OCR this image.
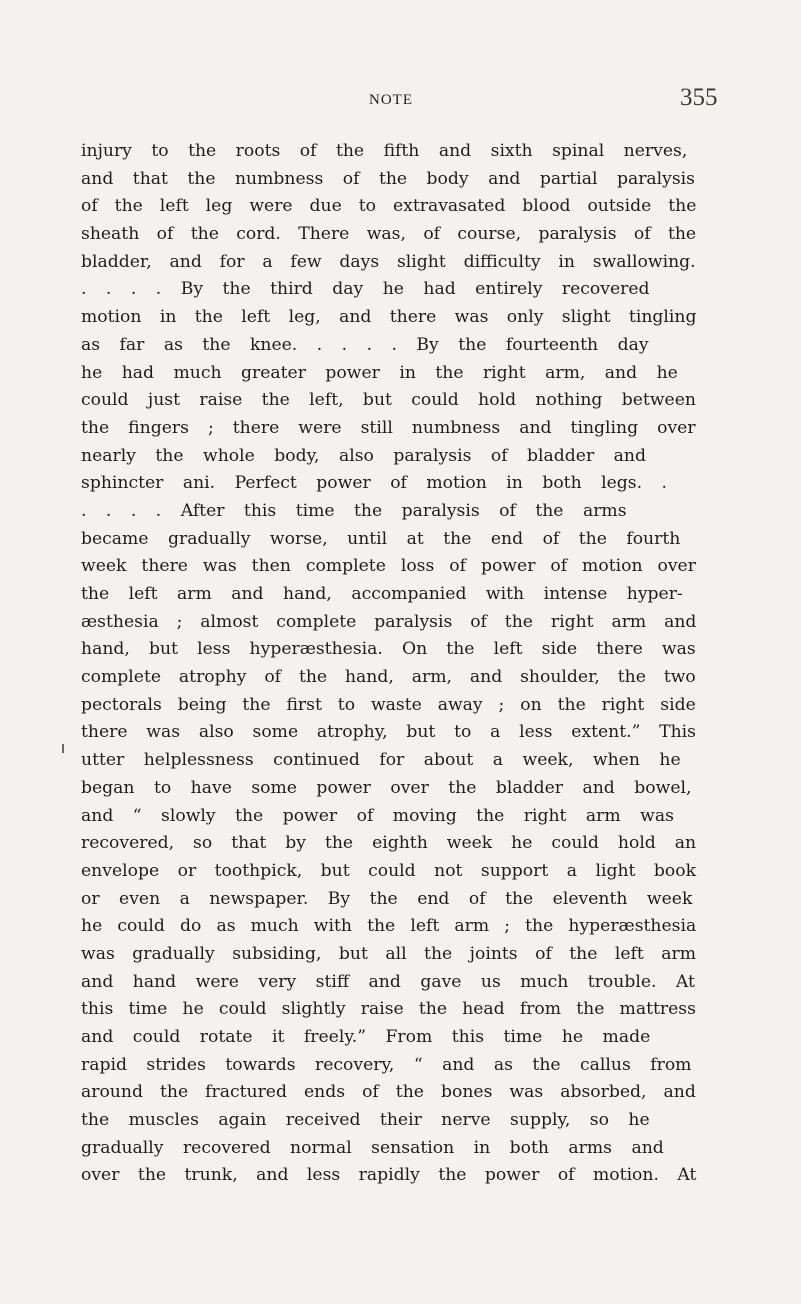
NOTE	355
injury to the roots of the fifth and sixth spinal nerves,
and that the numbness of the body and partial paralysis
of the left leg were due to extravasated blood outside the
sheath of the cord. There was, of course, paralysis of the
bladder, and for a few days slight difficulty in swallowing.
. . . . By the third day he had entirely recovered
motion in the left leg, and there was only slight tingling
as far as the knee. . . . . By the fourteenth day
he had much greater power in the right arm, and he
could just raise the left, but could hold nothing between
the fingers ; there were still numbness and tingling over
nearly the whole body, also paralysis of bladder and
sphincter ani. Perfect power of motion in both legs. .
. . . . After this time the paralysis of the arms
became gradually worse, until at the end of the fourth
week there was then complete loss of power of motion over
the left arm and hand, accompanied with intense hyper-
æsthesia ; almost complete paralysis of the right arm and
hand, but less hyperæsthesia. On the left side there was
complete atrophy of the hand, arm, and shoulder, the two
pectorals being the first to waste away ; on the right side
there was also some atrophy, but to a less extent.” This
utter helplessness continued for about a week, when he
began to have some power over the bladder and bowel,
and “ slowly the power of moving the right arm was
recovered, so that by the eighth week he could hold an
envelope or toothpick, but could not support a light book
or even a newspaper. By the end of the eleventh week
he could do as much with the left arm ; the hyperæsthesia
was gradually subsiding, but all the joints of the left arm
and hand were very stiff and gave us much trouble. At
this time he could slightly raise the head from the mattress
and could rotate it freely.” From this time he made
rapid strides towards recovery, “ and as the callus from
around the fractured ends of the bones was absorbed, and
the muscles again received their nerve supply, so he
gradually recovered normal sensation in both arms and
over the trunk, and less rapidly the power of motion. At
